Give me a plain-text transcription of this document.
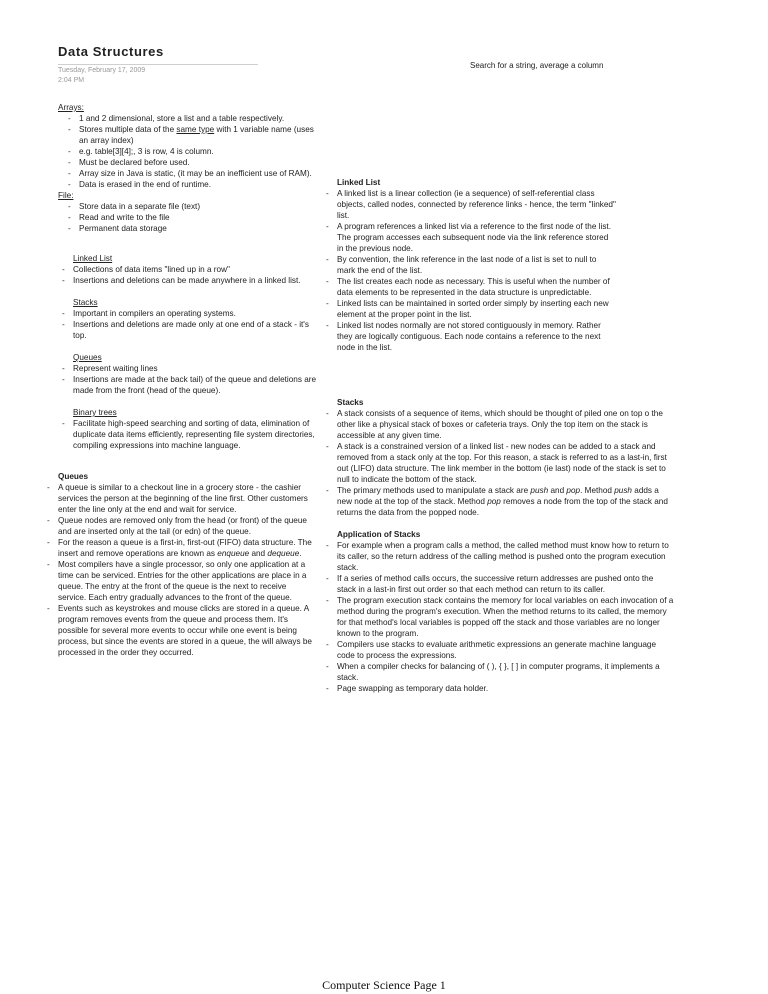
Data Structures
Tuesday, February 17, 2009
2:04 PM
Search for a string, average a column
Arrays:
- 1 and 2 dimensional, store a list and a table respectively.
- Stores multiple data of the same type with 1 variable name (uses an array index)
- e.g. table[3][4];, 3 is row, 4 is column.
- Must be declared before used.
- Array size in Java is static, (it may be an inefficient use of RAM).
- Data is erased in the end of runtime.
File:
- Store data in a separate file (text)
- Read and write to the file
- Permanent data storage
Linked List
- Collections of data items "lined up in a row"
- Insertions and deletions can be made anywhere in a linked list.
Stacks
- Important in compilers an operating systems.
- Insertions and deletions are made only at one end of a stack - it's top.
Queues
- Represent waiting lines
- Insertions are made at the back tail) of the queue and deletions are made from the front (head of the queue).
Binary trees
- Facilitate high-speed searching and sorting of data, elimination of duplicate data items efficiently, representing file system directories, compiling expressions into machine language.
Queues
- A queue is similar to a checkout line in a grocery store - the cashier services the person at the beginning of the line first. Other customers enter the line only at the end and wait for service.
- Queue nodes are removed only from the head (or front) of the queue and are inserted only at the tail (or edn) of the queue.
- For the reason a queue is a first-in, first-out (FIFO) data structure. The insert and remove operations are known as enqueue and dequeue.
- Most compilers have a single processor, so only one application at a time can be serviced. Entries for the other applications are place in a queue. The entry at the front of the queue is the next to receive service. Each entry gradually advances to the front of the queue.
- Events such as keystrokes and mouse clicks are stored in a queue. A program removes events from the queue and process them. It's possible for several more events to occur while one event is being process, but since the events are stored in a queue, the will always be processed in the order they occurred.
Linked List
- A linked list is a linear collection (ie a sequence) of self-referential class objects, called nodes, connected by reference links - hence, the term "linked" list.
- A program references a linked list via a reference to the first node of the list. The program accesses each subsequent node via the link reference stored in the previous node.
- By convention, the link reference in the last node of a list is set to null to mark the end of the list.
- The list creates each node as necessary. This is useful when the number of data elements to be represented in the data structure is unpredictable.
- Linked lists can be maintained in sorted order simply by inserting each new element at the proper point in the list.
- Linked list nodes normally are not stored contiguously in memory. Rather they are logically contiguous. Each node contains a reference to the next node in the list.
Stacks
- A stack consists of a sequence of items, which should be thought of piled one on top o the other like a physical stack of boxes or cafeteria trays. Only the top item on the stack is accessible at any given time.
- A stack is a constrained version of a linked list - new nodes can be added to a stack and removed from a stack only at the top. For this reason, a stack is referred to as a last-in, first out (LIFO) data structure. The link member in the bottom (ie last) node of the stack is set to null to indicate the bottom of the stack.
- The primary methods used to manipulate a stack are push and pop. Method push adds a new node at the top of the stack. Method pop removes a node from the top of the stack and returns the data from the popped node.
Application of Stacks
- For example when a program calls a method, the called method must know how to return to its caller, so the return address of the calling method is pushed onto the program execution stack.
- If a series of method calls occurs, the successive return addresses are pushed onto the stack in a last-in first out order so that each method can return to its caller.
- The program execution stack contains the memory for local variables on each invocation of a method during the program's execution. When the method returns to its called, the memory for that method's local variables is popped off the stack and those variables are no longer known to the program.
- Compilers use stacks to evaluate arithmetic expressions an generate machine language code to process the expressions.
- When a compiler checks for balancing of ( ), { }, [ ] in computer programs, it implements a stack.
- Page swapping as temporary data holder.
Computer Science Page 1
